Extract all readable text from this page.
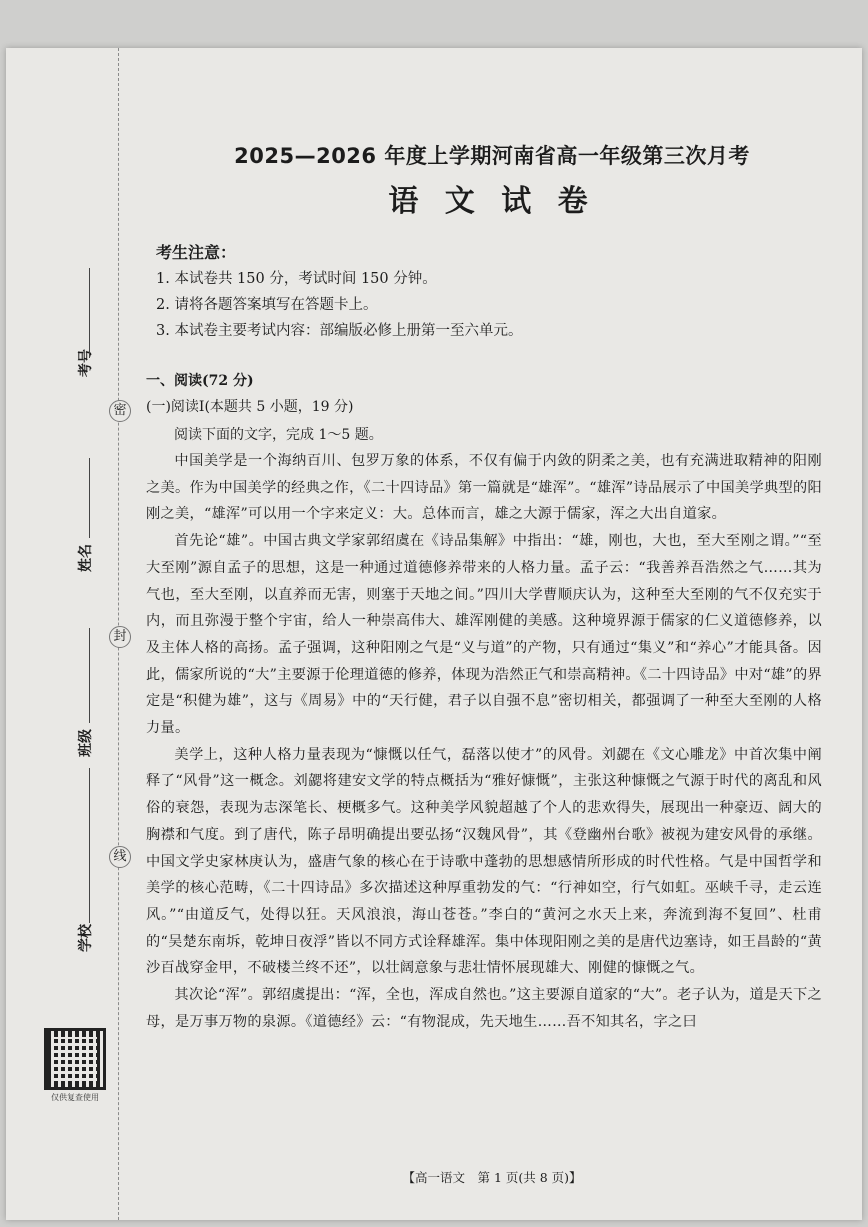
考号
姓名
班级
学校
密
封
线
仅供复查使用
2025—2026 年度上学期河南省高一年级第三次月考
语 文 试 卷
考生注意：
1. 本试卷共 150 分，考试时间 150 分钟。
2. 请将各题答案填写在答题卡上。
3. 本试卷主要考试内容：部编版必修上册第一至六单元。
一、阅读(72 分)
(一)阅读Ⅰ(本题共 5 小题，19 分)
阅读下面的文字，完成 1～5 题。

中国美学是一个海纳百川、包罗万象的体系，不仅有偏于内敛的阴柔之美，也有充满进取精神的阳刚之美。作为中国美学的经典之作，《二十四诗品》第一篇就是“雄浑”。“雄浑”诗品展示了中国美学典型的阳刚之美，“雄浑”可以用一个字来定义：大。总体而言，雄之大源于儒家，浑之大出自道家。

首先论“雄”。中国古典文学家郭绍虞在《诗品集解》中指出：“雄，刚也，大也，至大至刚之谓。”“至大至刚”源自孟子的思想，这是一种通过道德修养带来的人格力量。孟子云：“我善养吾浩然之气……其为气也，至大至刚，以直养而无害，则塞于天地之间。”四川大学曹顺庆认为，这种至大至刚的气不仅充实于内，而且弥漫于整个宇宙，给人一种崇高伟大、雄浑刚健的美感。这种境界源于儒家的仁义道德修养，以及主体人格的高扬。孟子强调，这种阳刚之气是“义与道”的产物，只有通过“集义”和“养心”才能具备。因此，儒家所说的“大”主要源于伦理道德的修养，体现为浩然正气和崇高精神。《二十四诗品》中对“雄”的界定是“积健为雄”，这与《周易》中的“天行健，君子以自强不息”密切相关，都强调了一种至大至刚的人格力量。

美学上，这种人格力量表现为“慷慨以任气，磊落以使才”的风骨。刘勰在《文心雕龙》中首次集中阐释了“风骨”这一概念。刘勰将建安文学的特点概括为“雅好慷慨”，主张这种慷慨之气源于时代的离乱和风俗的衰怨，表现为志深笔长、梗概多气。这种美学风貌超越了个人的悲欢得失，展现出一种豪迈、阔大的胸襟和气度。到了唐代，陈子昂明确提出要弘扬“汉魏风骨”，其《登幽州台歌》被视为建安风骨的承继。中国文学史家林庚认为，盛唐气象的核心在于诗歌中蓬勃的思想感情所形成的时代性格。气是中国哲学和美学的核心范畴，《二十四诗品》多次描述这种厚重勃发的气：“行神如空，行气如虹。巫峡千寻，走云连风。”“由道反气，处得以狂。天风浪浪，海山苍苍。”李白的“黄河之水天上来，奔流到海不复回”、杜甫的“吴楚东南坼，乾坤日夜浮”皆以不同方式诠释雄浑。集中体现阳刚之美的是唐代边塞诗，如王昌龄的“黄沙百战穿金甲，不破楼兰终不还”，以壮阔意象与悲壮情怀展现雄大、刚健的慷慨之气。

其次论“浑”。郭绍虞提出：“浑，全也，浑成自然也。”这主要源自道家的“大”。老子认为，道是天下之母，是万事万物的泉源。《道德经》云：“有物混成，先天地生……吾不知其名，字之曰

【高一语文　第 1 页(共 8 页)】
